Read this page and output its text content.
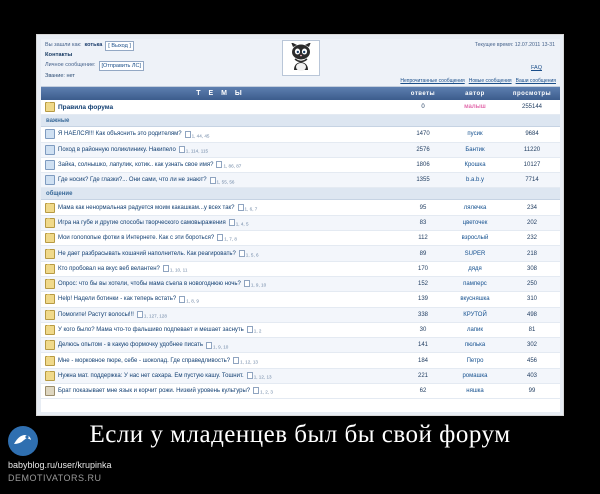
Вы зашли как: котька	[ Выход ]
Контакты
Личное сообщение:	[Отправить ЛС]
Звание: нет
Текущее время: 12.07.2011 13-31
FAQ
Непрочитанные сообщения Новые сообщения Ваши сообщения
Т Е М Ы	ответы	автор	просмотры
Правила форума	0	малыш	255144
важные
Я НАЕЛСЯ!!! Как объяснить это родителям?	1, 44, 45	1470	пусик	9684
Поход в районную поликлинику. Накипело	1, 114, 115	2576	Бантик	11220
Зайка, солнышко, лапулик, котик.. как узнать свое имя?	1, 86, 87	1806	Крошка	10127
Где носик? Где глазки?... Они сами, что ли не знают?	1, 55, 56	1355	b.a.b.y	7714
общение
Мама как ненормальная радуется моим какашкам...у всех так?	1, 6, 7	95	лялечка	234
Игра на губе и другие способы творческого самовыражения	1, 4, 5	83	цветочек	202
Мои голопопые фотки в Интернете. Как с эти бороться?	1, 7, 8	112	взрослый	232
Не дает разбрасывать кошачий наполнитель. Как реагировать?	1, 5, 6	89	SUPER	218
Кто пробовал на вкус веб велантен?	1, 10, 11	170	дядя	308
Опрос: что бы вы хотели, чтобы мама съела в новогоднюю ночь?	1, 9, 10	152	памперс	250
Help! Надели ботинки - как теперь встать?	1, 8, 9	139	вкусняшка	310
Помогите! Растут волосы!!!	1, 127, 128	338	КРУТОЙ	498
У кого было? Мама что-то фальшиво подпевает и мешает заснуть	1, 2	30	лапик	81
Делюсь опытом - в какую формочку удобнее писать	1, 9, 10	141	пюлька	302
Мне - морковное пюре, себе - шоколад. Где справедливость?	1, 12, 13	184	Петро	456
Нужна мат. поддержка: У нас нет сахара. Ем пустую кашу. Тошнит.	1, 12, 13	221	ромашка	403
Брат показывает мне язык и корчит рожи. Низкий уровень культуры?	1, 2, 3	62	няшка	99
Если у младенцев был бы свой форум
babyblog.ru/user/krupinka
DEMOTIVATORS.RU
